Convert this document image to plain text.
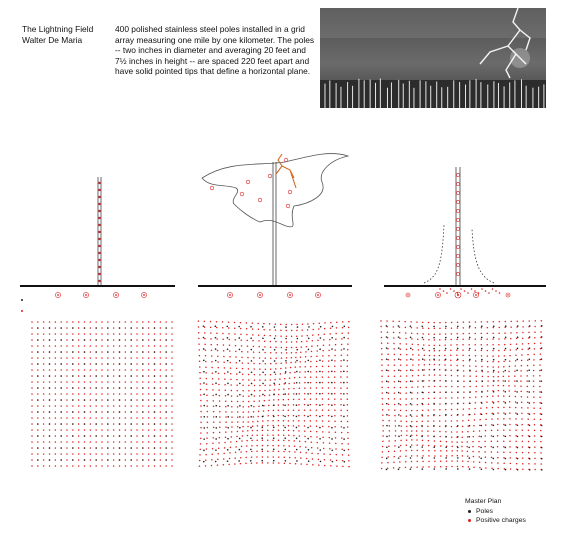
The Lightning Field
Walter De Maria
400 polished stainless steel poles installed in a grid array measuring one mile by one kilometer. The poles -- two inches in diameter and averaging 20 feet and 7½ inches in height -- are spaced 220 feet apart and have solid pointed tips that define a horizontal plane.
Master Plan
Poles
Positive charges
